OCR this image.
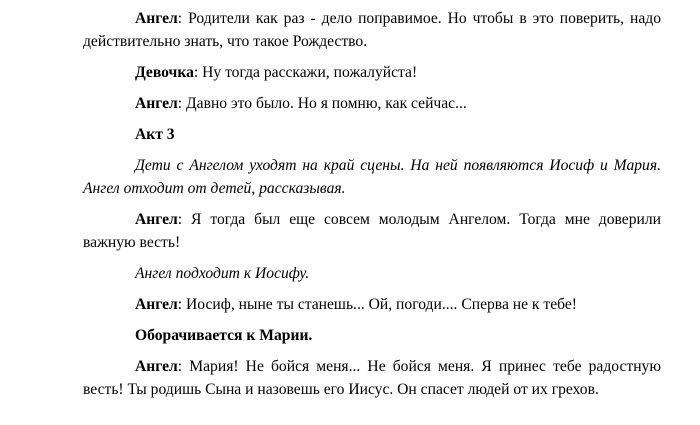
Ангел: Родители как раз - дело поправимое. Но чтобы в это поверить, надо действительно знать, что такое Рождество.

Девочка: Ну тогда расскажи, пожалуйста!

Ангел: Давно это было. Но я помню, как сейчас...

Акт 3

Дети с Ангелом уходят на край сцены. На ней появляются Иосиф и Мария. Ангел отходит от детей, рассказывая.

Ангел: Я тогда был еще совсем молодым Ангелом. Тогда мне доверили важную весть!

Ангел подходит к Иосифу.

Ангел: Иосиф, ныне ты станешь... Ой, погоди.... Сперва не к тебе!

Оборачивается к Марии.

Ангел: Мария! Не бойся меня... Не бойся меня. Я принес тебе радостную весть! Ты родишь Сына и назовешь его Иисус. Он спасет людей от их грехов.
